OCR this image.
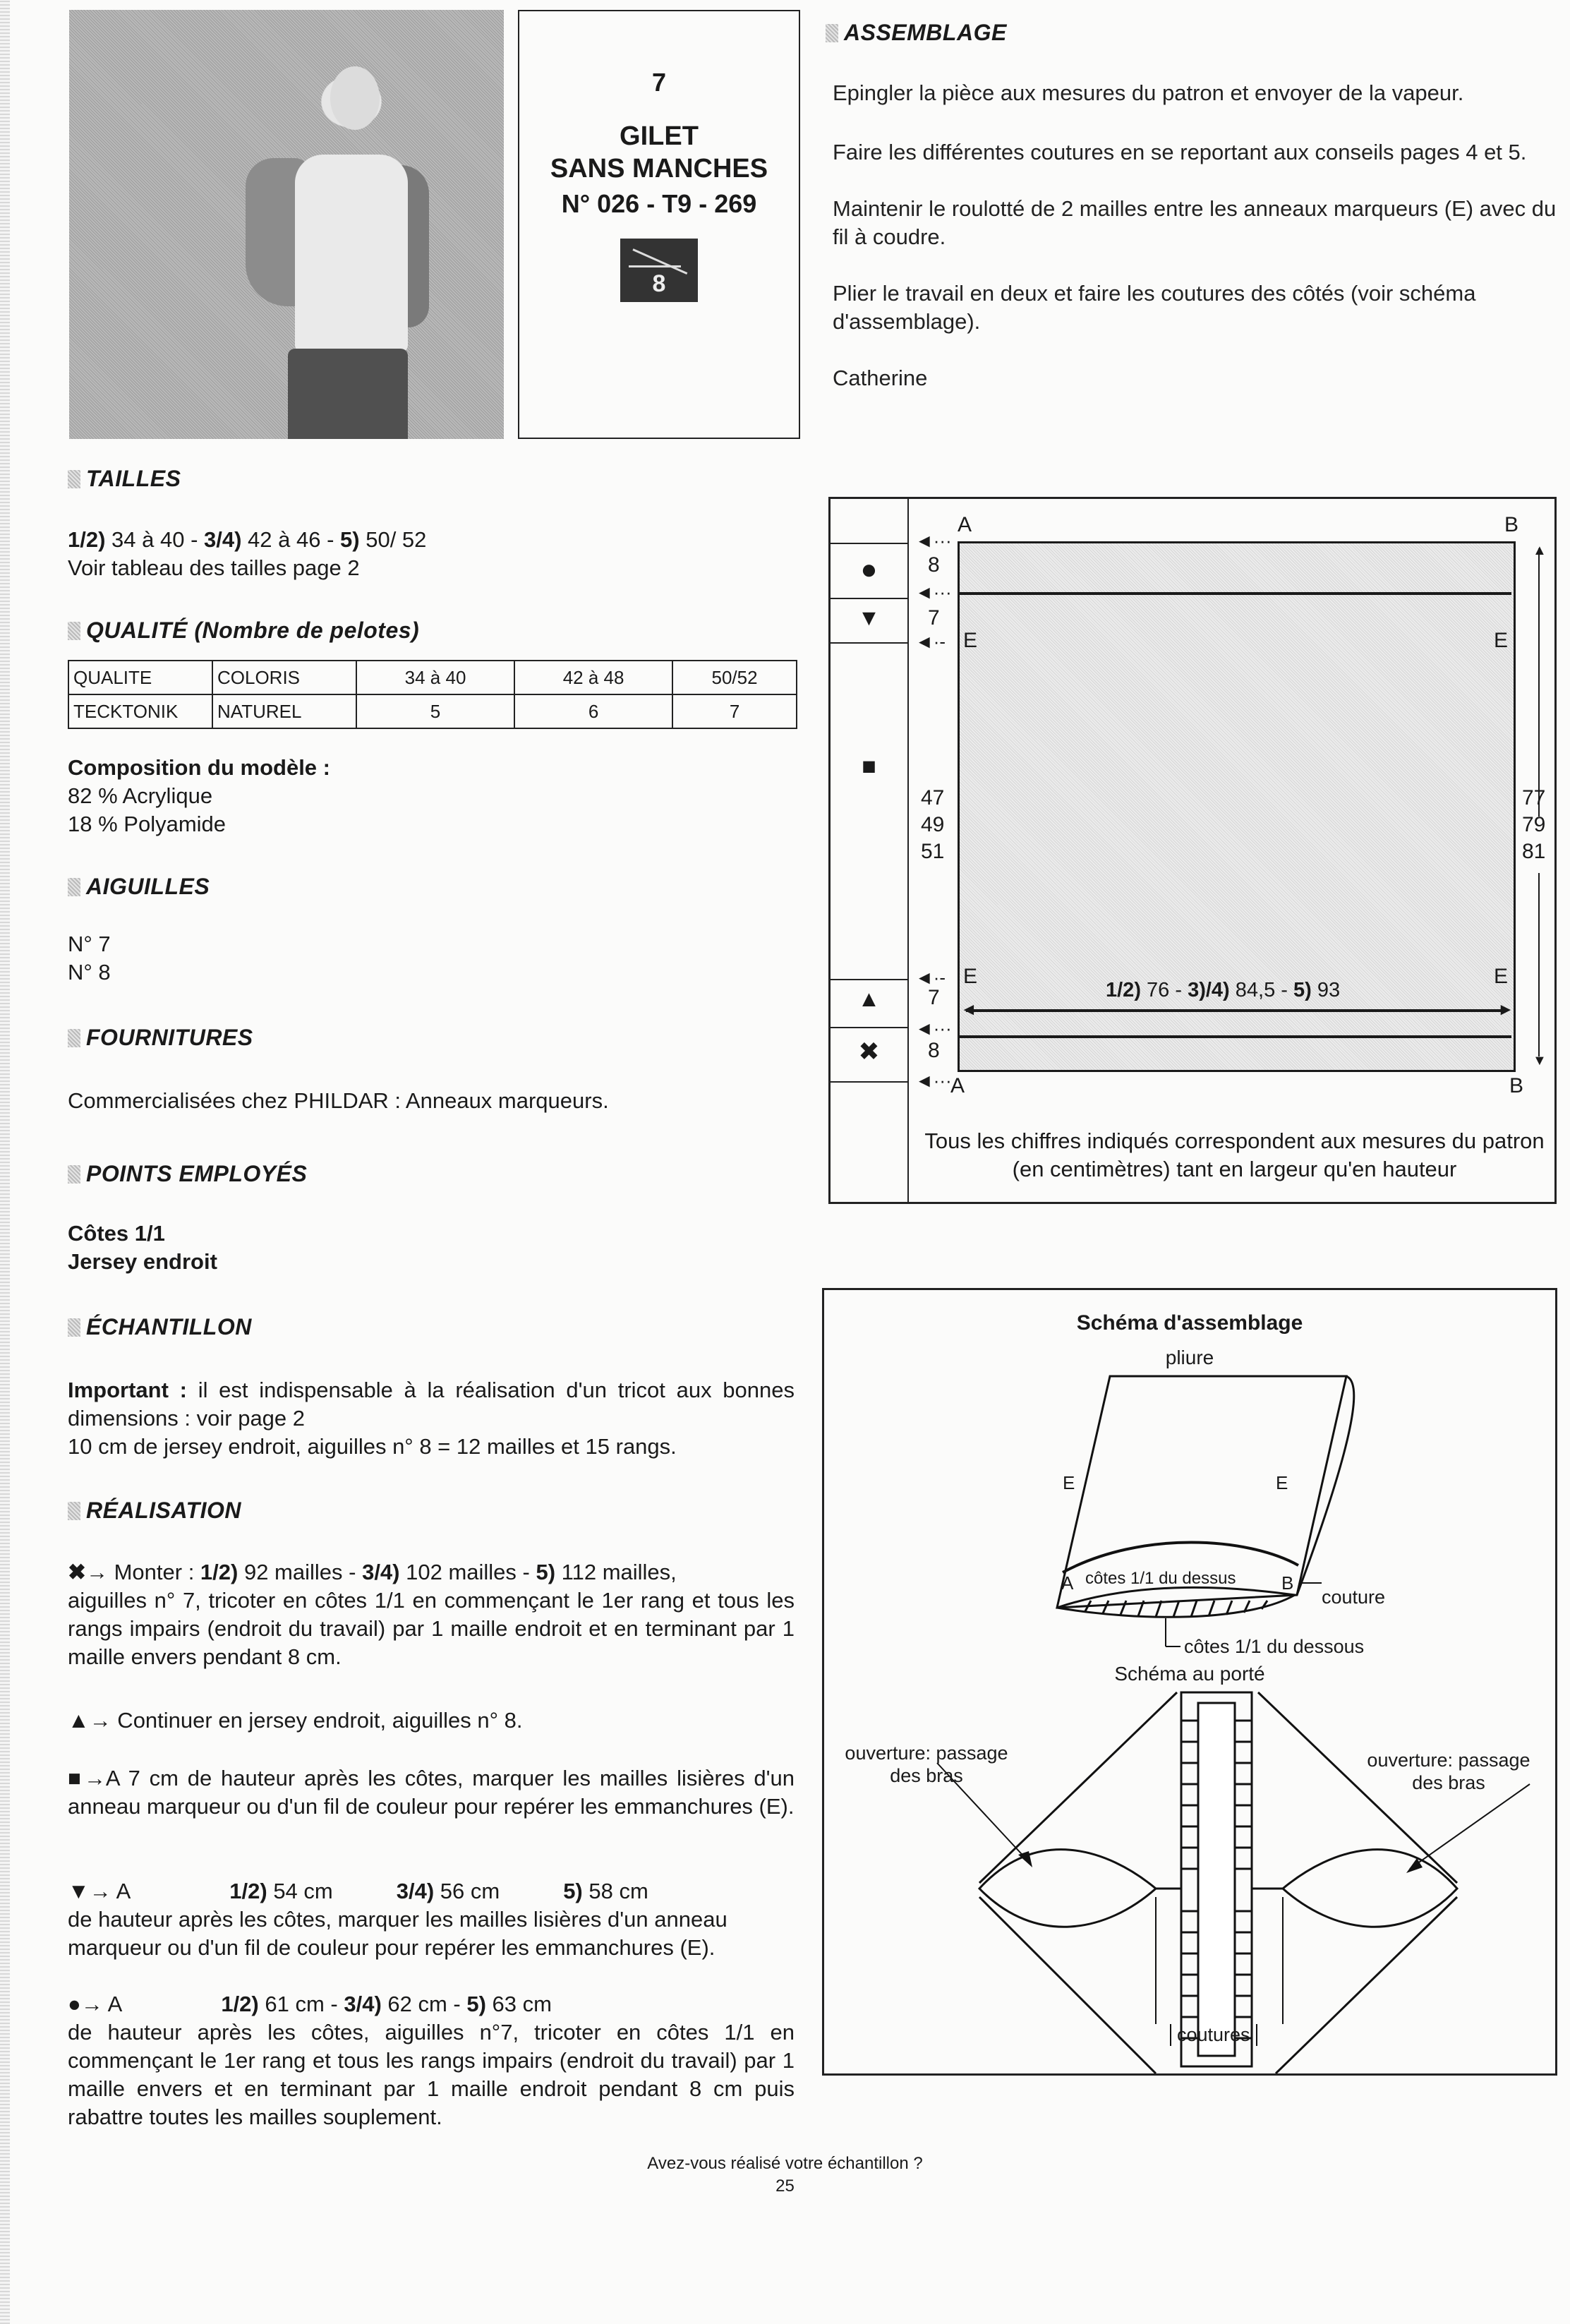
7
GILET
SANS MANCHES
N° 026 - T9 - 269
8
ASSEMBLAGE

Epingler la pièce aux mesures du patron et envoyer de la vapeur.

Faire les différentes coutures en se reportant aux conseils pages 4 et 5.

Maintenir le roulotté de 2 mailles entre les anneaux marqueurs (E) avec du fil à coudre.

Plier le travail en deux et faire les coutures des côtés (voir schéma d'assemblage).

Catherine

TAILLES

1/2) 34 à 40 - 3/4) 42 à 46 - 5) 50/ 52

Voir tableau des tailles page 2

QUALITÉ (Nombre de pelotes)
QUALITE	COLORIS	34 à 40	42 à 48	50/52
TECKTONIK	NATUREL	5	6	7

Composition du modèle :

82 % Acrylique

18 % Polyamide

AIGUILLES

N° 7

N° 8

FOURNITURES
Commercialisées chez PHILDAR : Anneaux marqueurs.
POINTS EMPLOYÉS

Côtes 1/1

Jersey endroit

ÉCHANTILLON

Important : il est indispensable à la réalisation d'un tricot aux bonnes dimensions : voir page 2

10 cm de jersey endroit, aiguilles n° 8 = 12 mailles et 15 rangs.

RÉALISATION

✖→ Monter : 1/2) 92 mailles - 3/4) 102 mailles - 5) 112 mailles,

aiguilles n° 7, tricoter en côtes 1/1 en commençant le 1er rang et tous les rangs impairs (endroit du travail) par 1 maille endroit et en terminant par 1 maille envers pendant 8 cm.

▲→ Continuer en jersey endroit, aiguilles n° 8.

■→A 7 cm de hauteur après les côtes, marquer les mailles lisières d'un anneau marqueur ou d'un fil de couleur pour repérer les emmanchures (E).

▼→ A	1/2) 54 cm	3/4) 56 cm	5) 58 cm

de hauteur après les côtes, marquer les mailles lisières d'un anneau marqueur ou d'un fil de couleur pour repérer les emmanchures (E).

●→ A	1/2) 61 cm - 3/4) 62 cm - 5) 63 cm

de hauteur après les côtes, aiguilles n°7, tricoter en côtes 1/1 en commençant le 1er rang et tous les rangs impairs (endroit du travail) par 1 maille envers et en terminant par 1 maille endroit pendant 8 cm puis rabattre toutes les mailles souplement.

●
▼
■
▲
✖
A	B
A	B
◄···
◄···
◄·-
◄·-
◄···
◄···
E	E
E	E
8
7
47
49
51
7
8
▲
77
79
81
▼
1/2) 76 - 3)/4) 84,5 - 5) 93
◄	►
Tous les chiffres indiqués correspondent aux mesures du patron (en centimètres) tant en largeur qu'en hauteur
Schéma d'assemblage
pliure
E	E
A	B
côtes 1/1 du dessus
couture
côtes 1/1 du dessous
Schéma au porté
ouverture: passage des bras
ouverture: passage des bras
coutures
Avez-vous réalisé votre échantillon ?
25
